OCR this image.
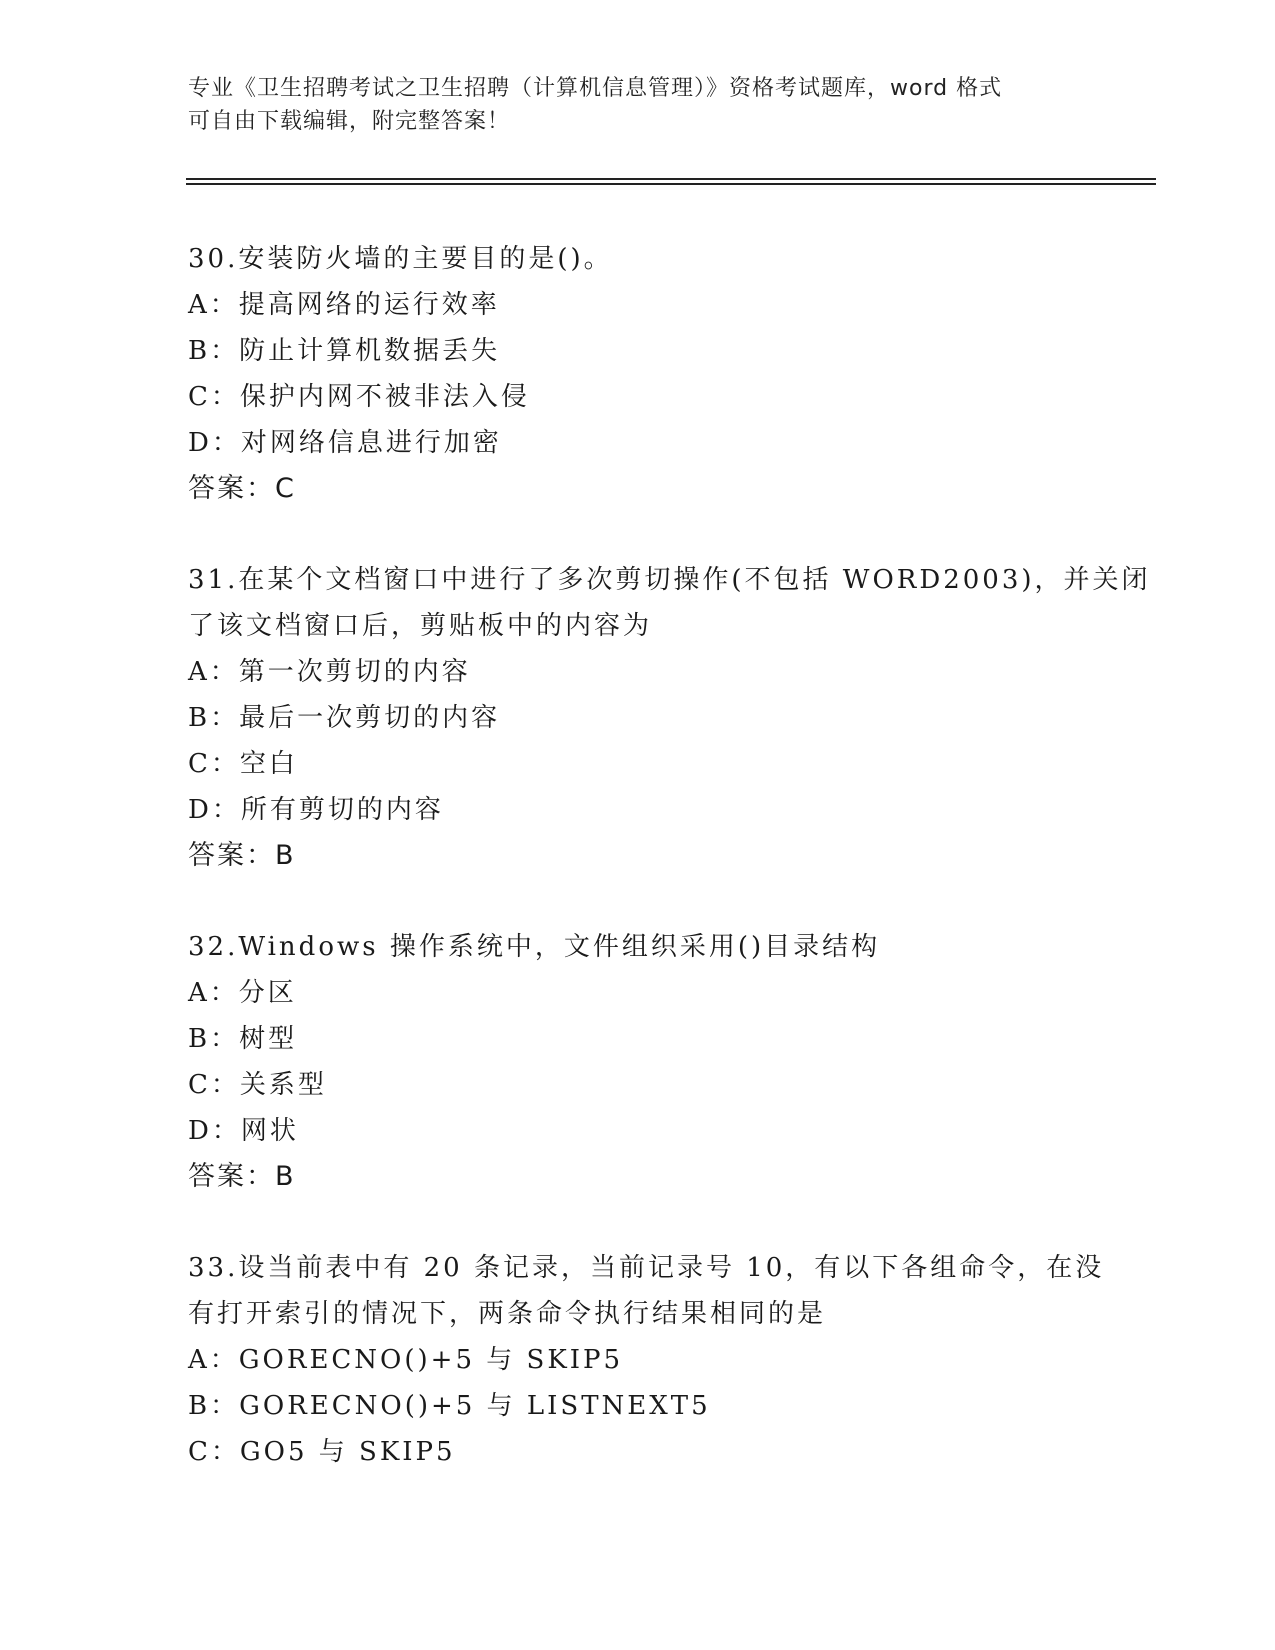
专业《卫生招聘考试之卫生招聘（计算机信息管理）》资格考试题库，word 格式
可自由下载编辑，附完整答案！
30.安装防火墙的主要目的是()。
A：提高网络的运行效率
B：防止计算机数据丢失
C：保护内网不被非法入侵
D：对网络信息进行加密
答案：C
31.在某个文档窗口中进行了多次剪切操作(不包括 WORD2003)，并关闭
了该文档窗口后，剪贴板中的内容为
A：第一次剪切的内容
B：最后一次剪切的内容
C：空白
D：所有剪切的内容
答案：B
32.Windows 操作系统中，文件组织采用()目录结构
A：分区
B：树型
C：关系型
D：网状
答案：B
33.设当前表中有 20 条记录，当前记录号 10，有以下各组命令，在没
有打开索引的情况下，两条命令执行结果相同的是
A：GORECNO()+5 与 SKIP5
B：GORECNO()+5 与 LISTNEXT5
C：GO5 与 SKIP5
